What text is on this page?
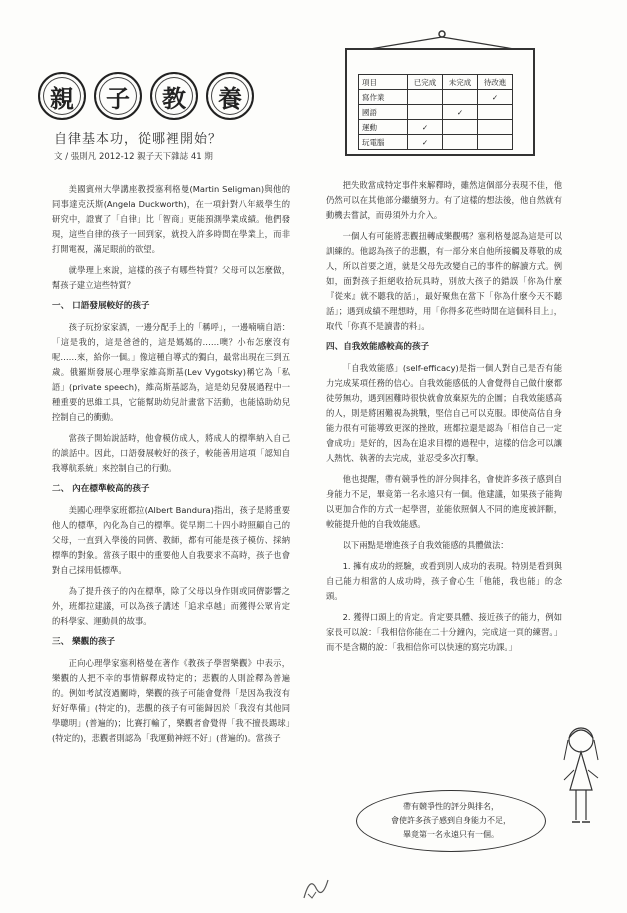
親	子	教	養
自律基本功，從哪裡開始？
文 / 張則凡 2012-12 親子天下雜誌 41 期

美國賓州大學講座教授塞利格曼(Martin Seligman)與他的同事達克沃斯(Angela Duckworth)，在一項針對八年級學生的研究中，證實了「自律」比「智商」更能預測學業成績。他們發現，這些自律的孩子一回到家，就投入許多時間在學業上，而非打開電視，滿足眼前的欲望。

就學理上來說，這樣的孩子有哪些特質？父母可以怎麼做，幫孩子建立這些特質？

一、 口語發展較好的孩子

孩子玩扮家家酒，一邊分配手上的「稱呼」，一邊喃喃自語：「這是我的，這是爸爸的，這是媽媽的……噢？小布怎麼沒有呢……來，給你一個。」像這種自導式的獨白，最常出現在三到五歲。俄羅斯發展心理學家維高斯基(Lev Vygotsky)稱它為「私語」(private speech)，維高斯基認為，這是幼兒發展過程中一種重要的思維工具，它能幫助幼兒計畫當下活動，也能協助幼兒控制自己的衝動。

當孩子開始說話時，他會模仿成人，將成人的標準納入自己的談話中。因此，口語發展較好的孩子，較能善用這項「認知自我導航系統」來控制自己的行動。

二、 內在標準較高的孩子

美國心理學家班都拉(Albert Bandura)指出，孩子是將重要他人的標準，內化為自己的標準。從早期二十四小時照顧自己的父母，一直到入學後的同儕、教師，都有可能是孩子模仿、採納標準的對象。當孩子眼中的重要他人自我要求不高時，孩子也會對自己採用低標準。

為了提升孩子的內在標準，除了父母以身作則或同儕影響之外，班都拉建議，可以為孩子講述「追求卓越」而獲得公眾肯定的科學家、運動員的故事。

三、 樂觀的孩子

正向心理學家塞利格曼在著作《教孩子學習樂觀》中表示，樂觀的人把不幸的事情解釋成特定的；悲觀的人則詮釋為普遍的。例如考試沒過關時，樂觀的孩子可能會覺得「是因為我沒有好好準備」(特定的)，悲觀的孩子有可能歸因於「我沒有其他同學聰明」(普遍的)；比賽打輸了，樂觀者會覺得「我不擅長踢球」(特定的)，悲觀者則認為「我運動神經不好」(普遍的)。當孩子

項目	已完成	未完成	待改進
寫作業			✓
國語		✓	
運動	✓		
玩電腦	✓		

把失敗當成特定事件來解釋時，雖然這個部分表現不佳，他仍然可以在其他部分繼續努力。有了這樣的想法後，他自然就有動機去嘗試，而毋須外力介入。

一個人有可能將悲觀扭轉成樂觀嗎？塞利格曼認為這是可以訓練的。他認為孩子的悲觀，有一部分來自他所接觸及尊敬的成人，所以首要之道，就是父母先改變自己的事件的解讀方式。例如，面對孩子拒絕收拾玩具時，別放大孩子的錯誤「你為什麼『從來』就不聽我的話」，最好聚焦在當下「你為什麼今天不聽話」；遇到成績不理想時，用「你得多花些時間在這個科目上」，取代「你真不是讀書的料」。

四、自我效能感較高的孩子

「自我效能感」(self-efficacy)是指一個人對自己是否有能力完成某項任務的信心。自我效能感低的人會覺得自己做什麼都徒勞無功，遇到困難時很快就會放棄原先的企圖；自我效能感高的人，則是將困難視為挑戰，堅信自己可以克服。即使高估自身能力很有可能導致更深的挫敗，班都拉還是認為「相信自己一定會成功」是好的，因為在追求目標的過程中，這樣的信念可以讓人熱忱、執著的去完成，並忍受多次打擊。

他也提醒，帶有競爭性的評分與排名，會使許多孩子感到自身能力不足，畢竟第一名永遠只有一個。他建議，如果孩子能夠以更加合作的方式一起學習，並能依照個人不同的進度被評斷，較能提升他的自我效能感。

以下兩點是增進孩子自我效能感的具體做法：

1. 擁有成功的經驗，或看到別人成功的表現。特別是看到與自己能力相當的人成功時，孩子會心生「他能，我也能」的念頭。

2. 獲得口頭上的肯定。肯定要具體、接近孩子的能力，例如家長可以說：「我相信你能在二十分鐘內，完成這一頁的練習。」而不是含糊的說：「我相信你可以快速的寫完功課。」

帶有競爭性的評分與排名，
會使許多孩子感到自身能力不足，
畢竟第一名永遠只有一個。
